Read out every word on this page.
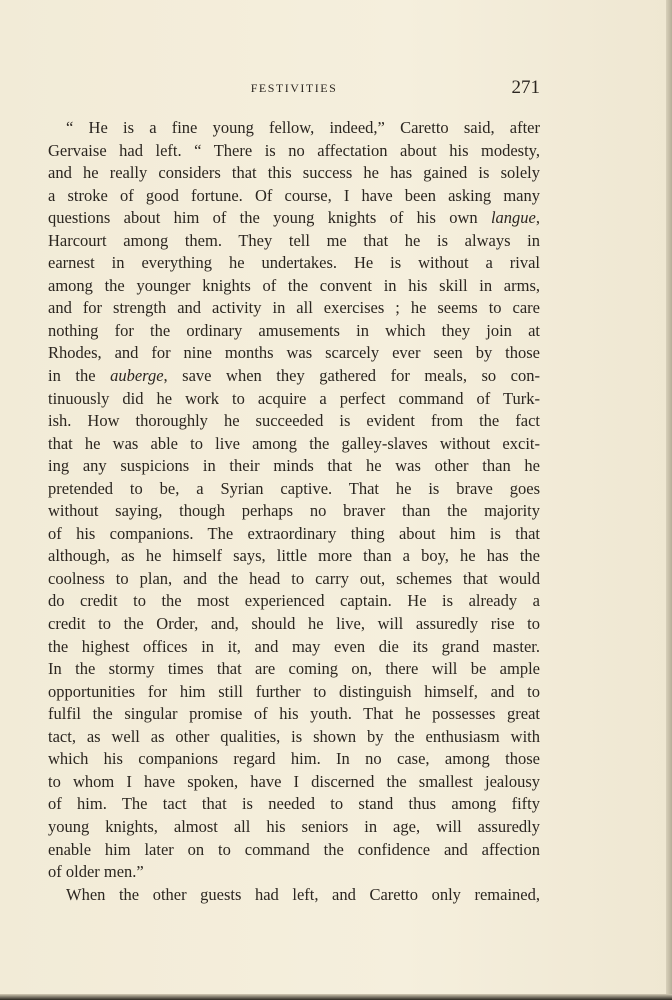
FESTIVITIES	271
“ He is a fine young fellow, indeed,” Caretto said, after
Gervaise had left. “ There is no affectation about his modesty,
and he really considers that this success he has gained is solely
a stroke of good fortune. Of course, I have been asking many
questions about him of the young knights of his own langue,
Harcourt among them. They tell me that he is always in
earnest in everything he undertakes. He is without a rival
among the younger knights of the convent in his skill in arms,
and for strength and activity in all exercises ; he seems to care
nothing for the ordinary amusements in which they join at
Rhodes, and for nine months was scarcely ever seen by those
in the auberge, save when they gathered for meals, so con-
tinuously did he work to acquire a perfect command of Turk-
ish. How thoroughly he succeeded is evident from the fact
that he was able to live among the galley-slaves without excit-
ing any suspicions in their minds that he was other than he
pretended to be, a Syrian captive. That he is brave goes
without saying, though perhaps no braver than the majority
of his companions. The extraordinary thing about him is that
although, as he himself says, little more than a boy, he has the
coolness to plan, and the head to carry out, schemes that would
do credit to the most experienced captain. He is already a
credit to the Order, and, should he live, will assuredly rise to
the highest offices in it, and may even die its grand master.
In the stormy times that are coming on, there will be ample
opportunities for him still further to distinguish himself, and to
fulfil the singular promise of his youth. That he possesses great
tact, as well as other qualities, is shown by the enthusiasm with
which his companions regard him. In no case, among those
to whom I have spoken, have I discerned the smallest jealousy
of him. The tact that is needed to stand thus among fifty
young knights, almost all his seniors in age, will assuredly
enable him later on to command the confidence and affection
of older men.”
When the other guests had left, and Caretto only remained,
